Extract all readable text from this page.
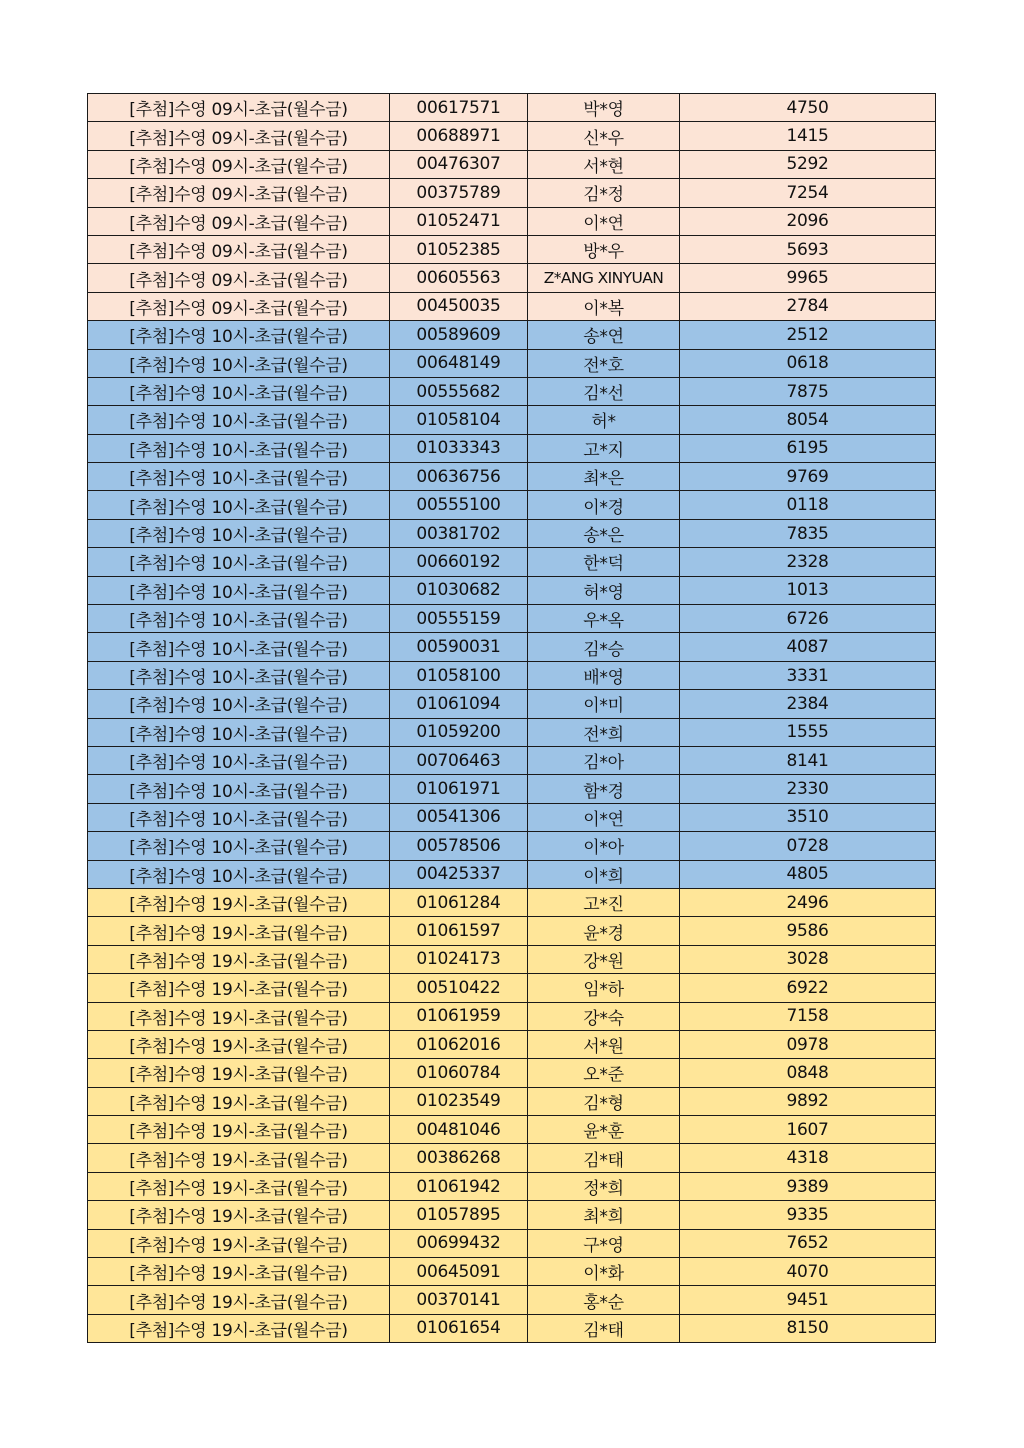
[추첨]수영 09시-초급(월수금)	00617571	박*영	4750
[추첨]수영 09시-초급(월수금)	00688971	신*우	1415
[추첨]수영 09시-초급(월수금)	00476307	서*현	5292
[추첨]수영 09시-초급(월수금)	00375789	김*정	7254
[추첨]수영 09시-초급(월수금)	01052471	이*연	2096
[추첨]수영 09시-초급(월수금)	01052385	방*우	5693
[추첨]수영 09시-초급(월수금)	00605563	Z*ANG XINYUAN	9965
[추첨]수영 09시-초급(월수금)	00450035	이*복	2784
[추첨]수영 10시-초급(월수금)	00589609	송*연	2512
[추첨]수영 10시-초급(월수금)	00648149	전*호	0618
[추첨]수영 10시-초급(월수금)	00555682	김*선	7875
[추첨]수영 10시-초급(월수금)	01058104	허*	8054
[추첨]수영 10시-초급(월수금)	01033343	고*지	6195
[추첨]수영 10시-초급(월수금)	00636756	최*은	9769
[추첨]수영 10시-초급(월수금)	00555100	이*경	0118
[추첨]수영 10시-초급(월수금)	00381702	송*은	7835
[추첨]수영 10시-초급(월수금)	00660192	한*덕	2328
[추첨]수영 10시-초급(월수금)	01030682	허*영	1013
[추첨]수영 10시-초급(월수금)	00555159	우*옥	6726
[추첨]수영 10시-초급(월수금)	00590031	김*승	4087
[추첨]수영 10시-초급(월수금)	01058100	배*영	3331
[추첨]수영 10시-초급(월수금)	01061094	이*미	2384
[추첨]수영 10시-초급(월수금)	01059200	전*희	1555
[추첨]수영 10시-초급(월수금)	00706463	김*아	8141
[추첨]수영 10시-초급(월수금)	01061971	함*경	2330
[추첨]수영 10시-초급(월수금)	00541306	이*연	3510
[추첨]수영 10시-초급(월수금)	00578506	이*아	0728
[추첨]수영 10시-초급(월수금)	00425337	이*희	4805
[추첨]수영 19시-초급(월수금)	01061284	고*진	2496
[추첨]수영 19시-초급(월수금)	01061597	윤*경	9586
[추첨]수영 19시-초급(월수금)	01024173	강*원	3028
[추첨]수영 19시-초급(월수금)	00510422	임*하	6922
[추첨]수영 19시-초급(월수금)	01061959	강*숙	7158
[추첨]수영 19시-초급(월수금)	01062016	서*원	0978
[추첨]수영 19시-초급(월수금)	01060784	오*준	0848
[추첨]수영 19시-초급(월수금)	01023549	김*형	9892
[추첨]수영 19시-초급(월수금)	00481046	윤*훈	1607
[추첨]수영 19시-초급(월수금)	00386268	김*태	4318
[추첨]수영 19시-초급(월수금)	01061942	정*희	9389
[추첨]수영 19시-초급(월수금)	01057895	최*희	9335
[추첨]수영 19시-초급(월수금)	00699432	구*영	7652
[추첨]수영 19시-초급(월수금)	00645091	이*화	4070
[추첨]수영 19시-초급(월수금)	00370141	홍*순	9451
[추첨]수영 19시-초급(월수금)	01061654	김*태	8150
